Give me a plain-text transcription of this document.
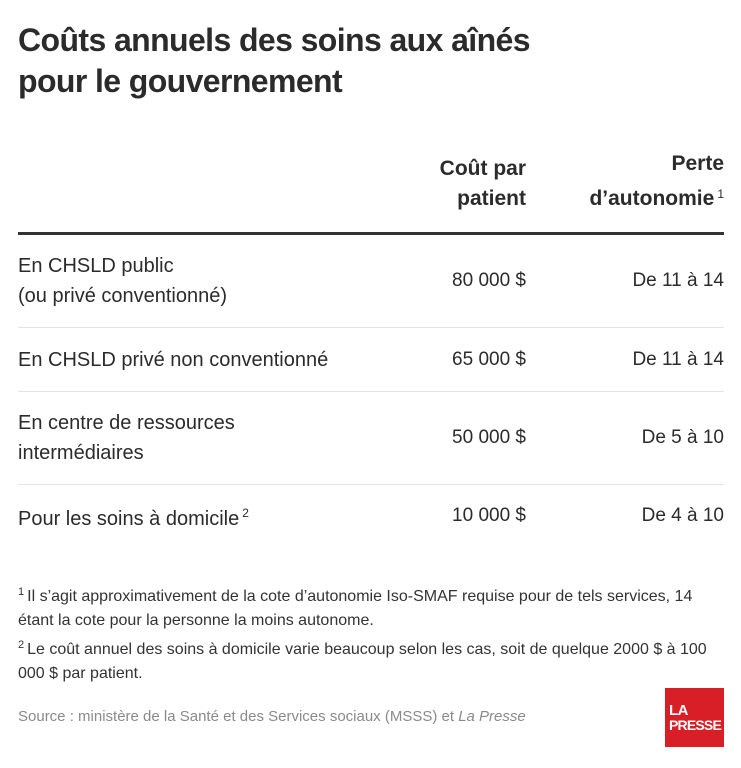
Coûts annuels des soins aux aînés
pour le gouvernement
Coût par
patient
Perte
d’autonomie $^1$
En CHSLD public
(ou privé conventionné)
80 000 $	De 11 à 14
En CHSLD privé non conventionné	65 000 $	De 11 à 14
En centre de ressources
intermédiaires
50 000 $	De 5 à 10
Pour les soins à domicile $^2$	10 000 $	De 4 à 10

$^1$ Il s’agit approximativement de la cote d’autonomie Iso-SMAF requise pour de tels services, 14 étant la cote pour la personne la moins autonome.

$^2$ Le coût annuel des soins à domicile varie beaucoup selon les cas, soit de quelque 2000 $ à 100 000 $ par patient.

Source : ministère de la Santé et des Services sociaux (MSSS) et La Presse	LA
PRESSE
